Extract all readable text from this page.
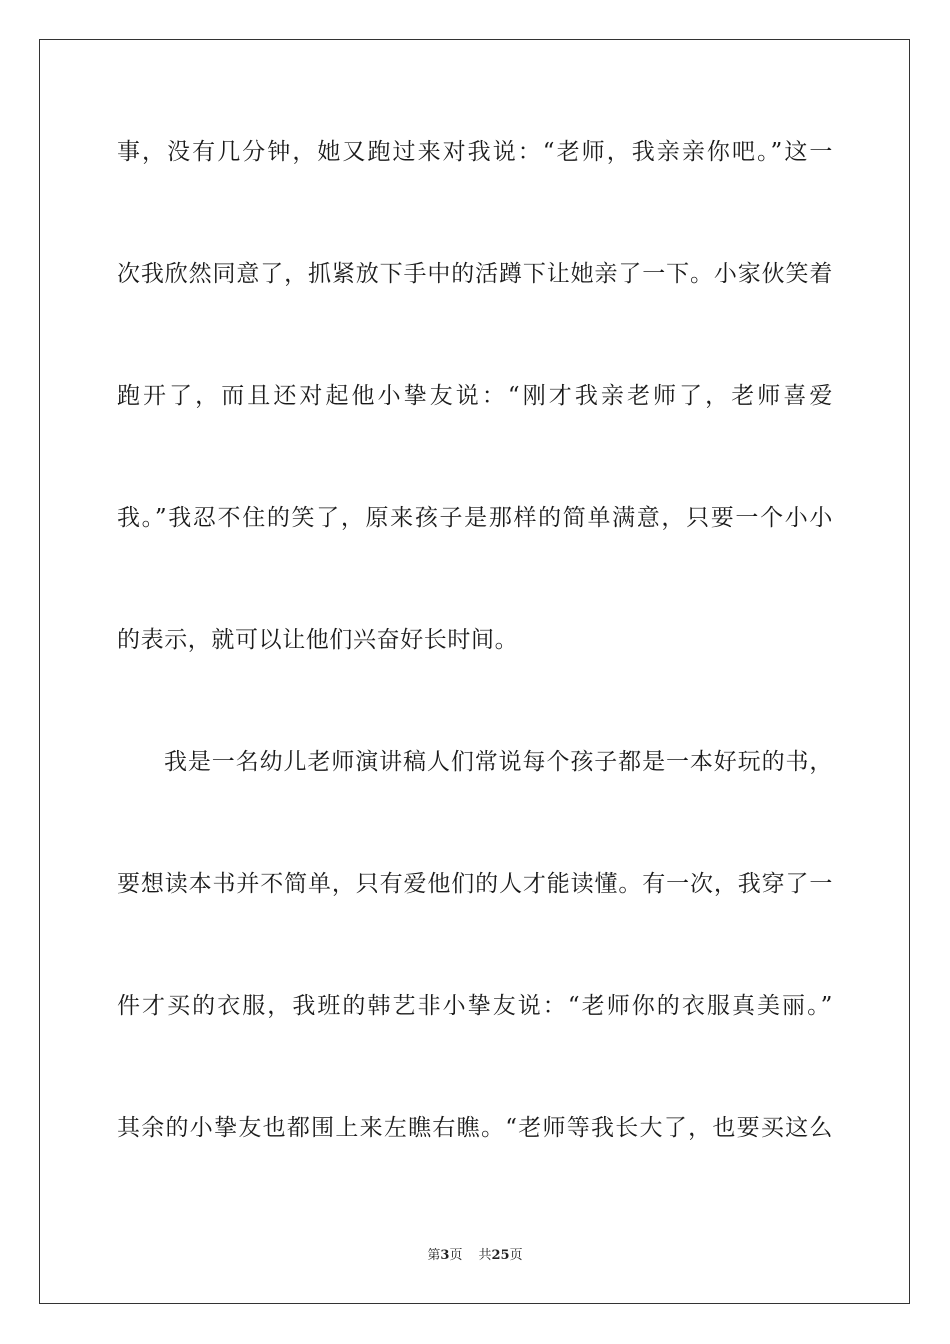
事，没有几分钟，她又跑过来对我说：“老师，我亲亲你吧。”这一
次我欣然同意了，抓紧放下手中的活蹲下让她亲了一下。小家伙笑着
跑开了，而且还对起他小挚友说：“刚才我亲老师了，老师喜爱
我。”我忍不住的笑了，原来孩子是那样的简单满意，只要一个小小
的表示，就可以让他们兴奋好长时间。
我是一名幼儿老师演讲稿人们常说每个孩子都是一本好玩的书，
要想读本书并不简单，只有爱他们的人才能读懂。有一次，我穿了一
件才买的衣服，我班的韩艺非小挚友说：“老师你的衣服真美丽。”
其余的小挚友也都围上来左瞧右瞧。“老师等我长大了，也要买这么
第3页 共25页
